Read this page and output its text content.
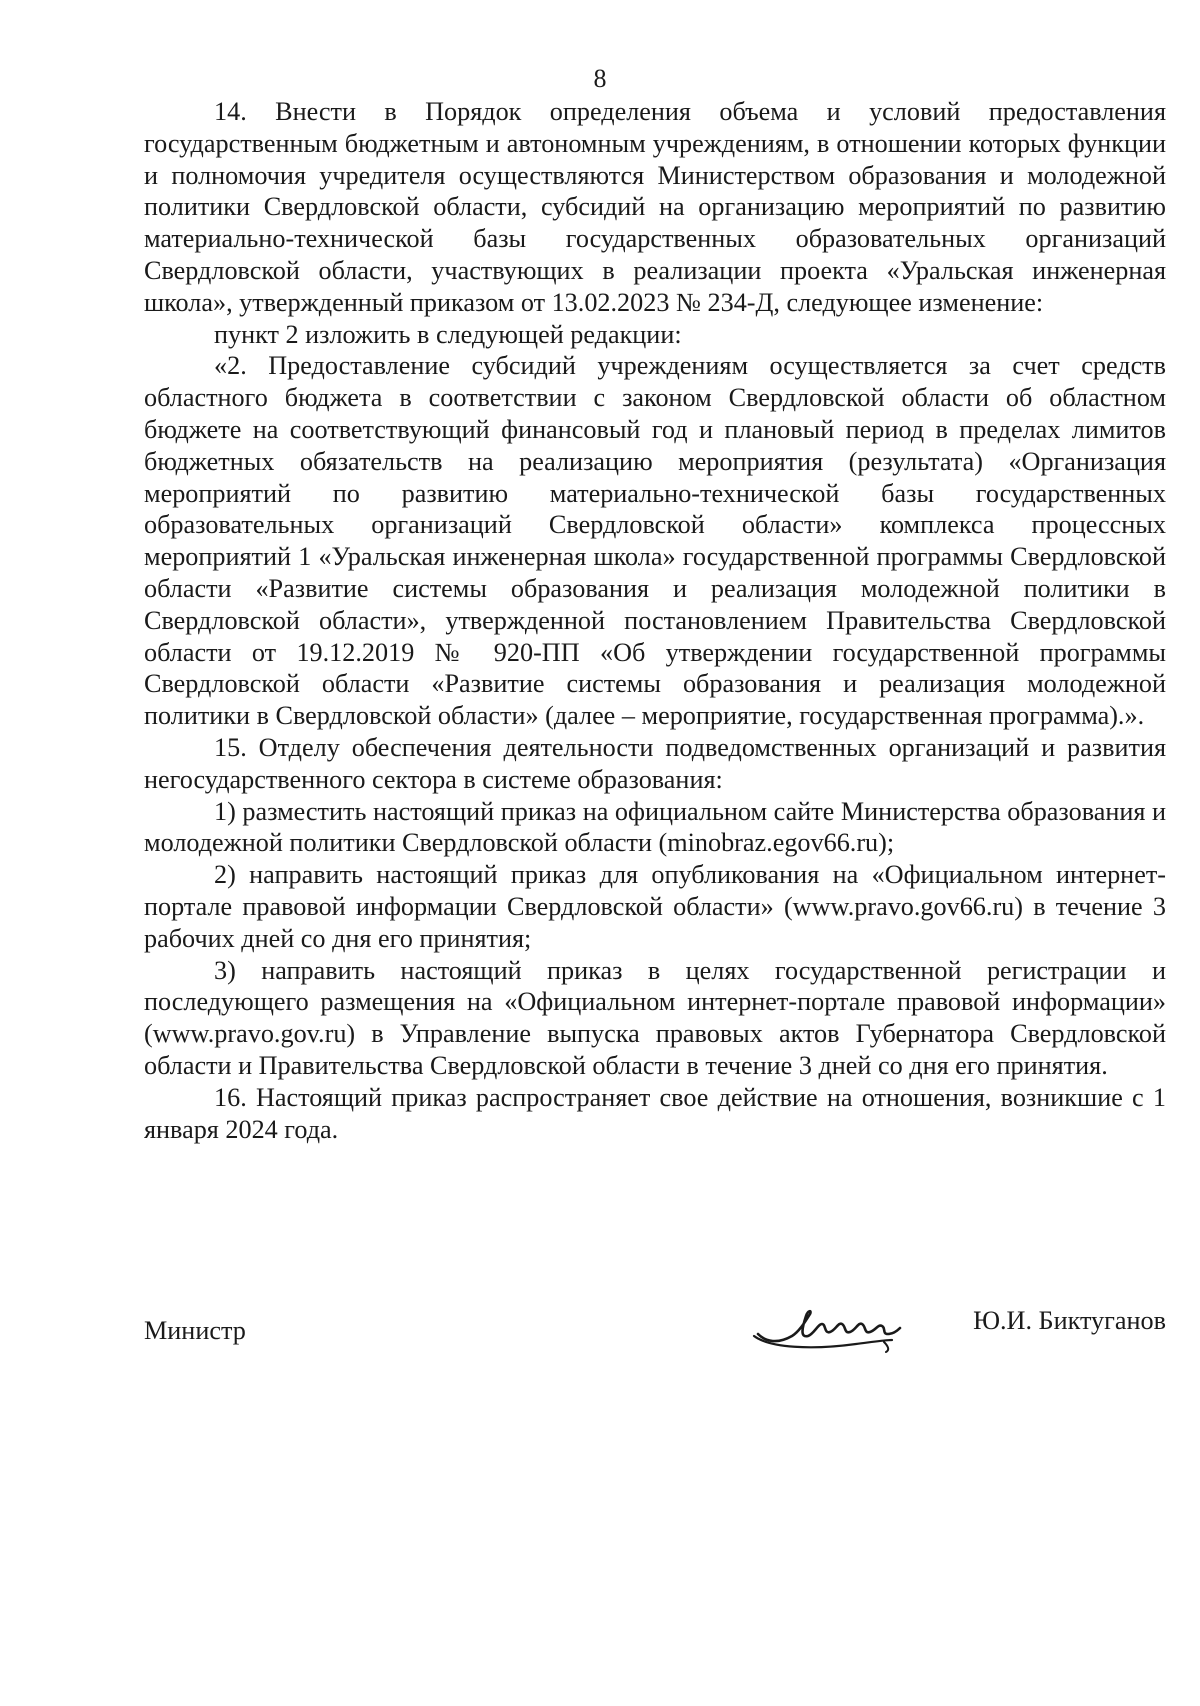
8

14. Внести в Порядок определения объема и условий предоставления государственным бюджетным и автономным учреждениям, в отношении которых функции и полномочия учредителя осуществляются Министерством образования и молодежной политики Свердловской области, субсидий на организацию мероприятий по развитию материально-технической базы государственных образовательных организаций Свердловской области, участвующих в реализации проекта «Уральская инженерная школа», утвержденный приказом от 13.02.2023 № 234-Д, следующее изменение:

пункт 2 изложить в следующей редакции:

«2. Предоставление субсидий учреждениям осуществляется за счет средств областного бюджета в соответствии с законом Свердловской области об областном бюджете на соответствующий финансовый год и плановый период в пределах лимитов бюджетных обязательств на реализацию мероприятия (результата) «Организация мероприятий по развитию материально-технической базы государственных образовательных организаций Свердловской области» комплекса процессных мероприятий 1 «Уральская инженерная школа» государственной программы Свердловской области «Развитие системы образования и реализация молодежной политики в Свердловской области», утвержденной постановлением Правительства Свердловской области от 19.12.2019 № 920-ПП «Об утверждении государственной программы Свердловской области «Развитие системы образования и реализация молодежной политики в Свердловской области» (далее – мероприятие, государственная программа).».

15. Отделу обеспечения деятельности подведомственных организаций и развития негосударственного сектора в системе образования:

1) разместить настоящий приказ на официальном сайте Министерства образования и молодежной политики Свердловской области (minobraz.egov66.ru);

2) направить настоящий приказ для опубликования на «Официальном интернет-портале правовой информации Свердловской области» (www.pravo.gov66.ru) в течение 3 рабочих дней со дня его принятия;

3) направить настоящий приказ в целях государственной регистрации и последующего размещения на «Официальном интернет-портале правовой информации» (www.pravo.gov.ru) в Управление выпуска правовых актов Губернатора Свердловской области и Правительства Свердловской области в течение 3 дней со дня его принятия.

16. Настоящий приказ распространяет свое действие на отношения, возникшие с 1 января 2024 года.

Министр	Ю.И. Биктуганов
